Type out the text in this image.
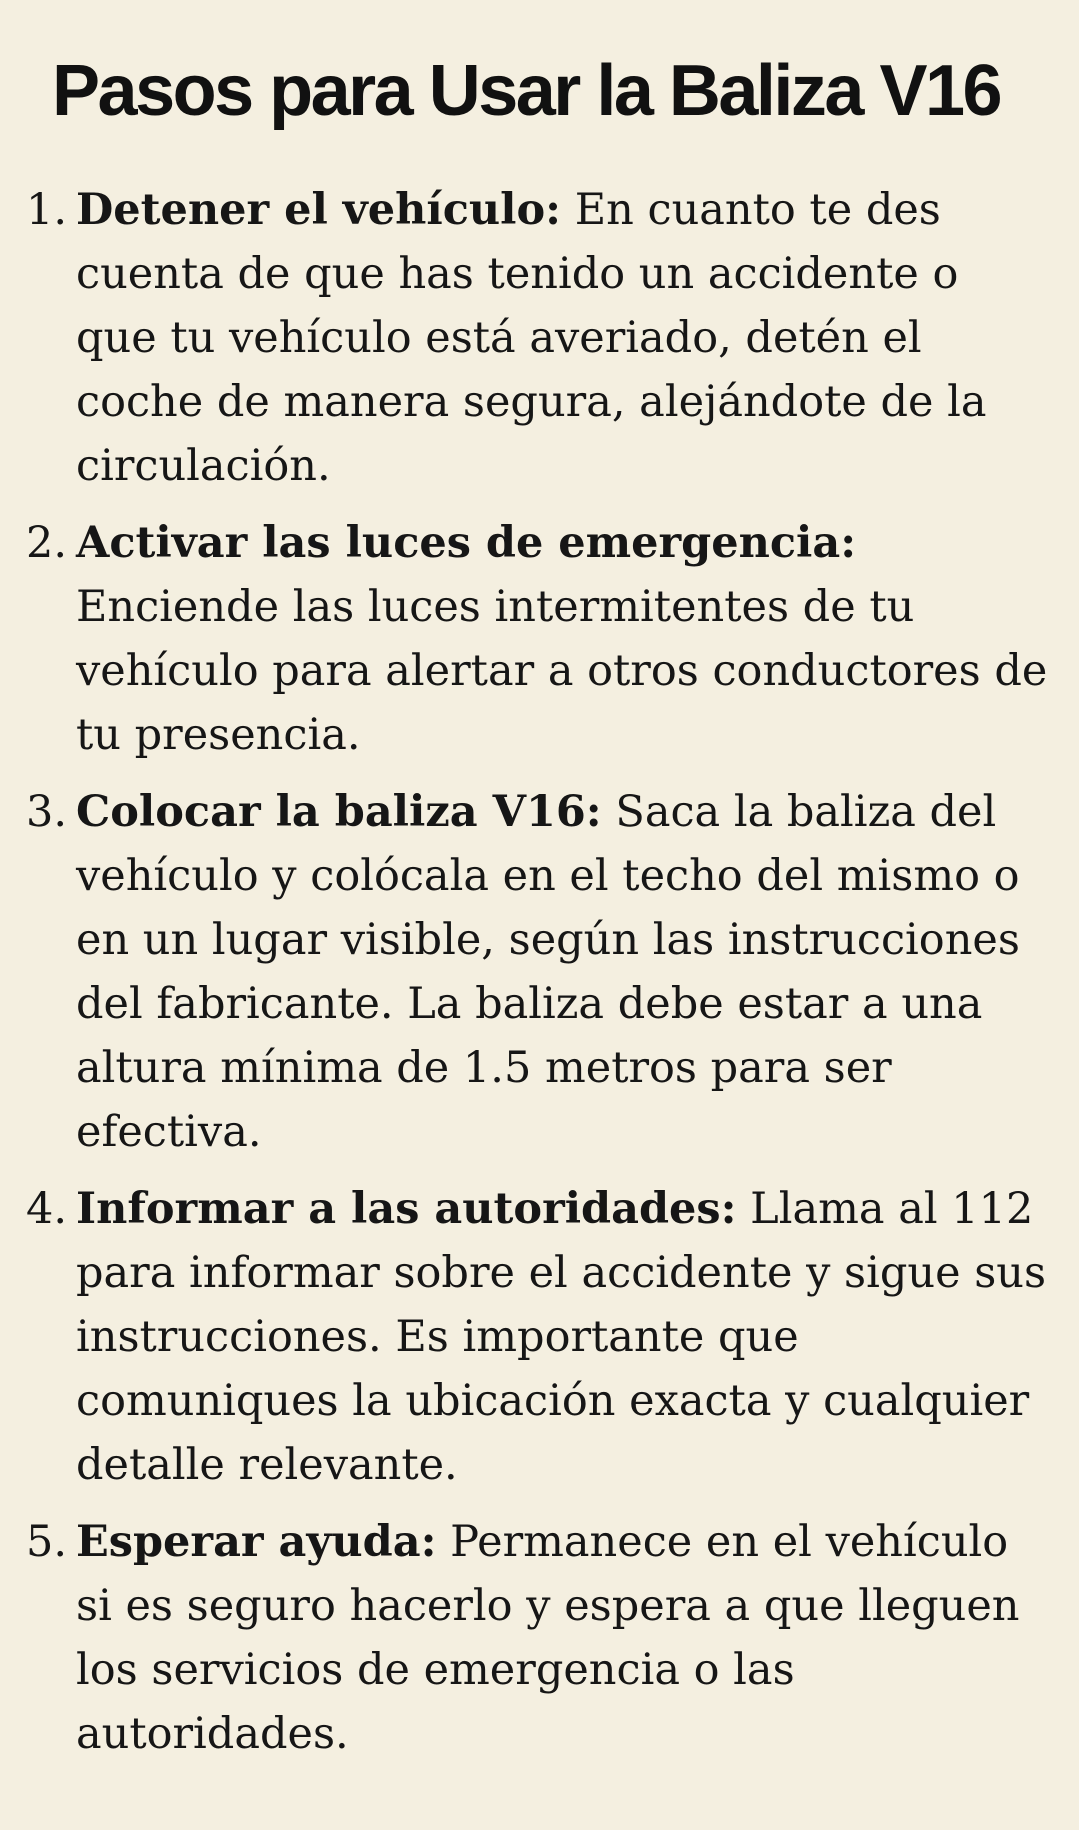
Pasos para Usar la Baliza V16
1. Detener el vehículo: En cuanto te des cuenta de que has tenido un accidente o que tu vehículo está averiado, detén el coche de manera segura, alejándote de la circulación.
2. Activar las luces de emergencia: Enciende las luces intermitentes de tu vehículo para alertar a otros conductores de tu presencia.
3. Colocar la baliza V16: Saca la baliza del vehículo y colócala en el techo del mismo o en un lugar visible, según las instrucciones del fabricante. La baliza debe estar a una altura mínima de 1.5 metros para ser efectiva.
4. Informar a las autoridades: Llama al 112 para informar sobre el accidente y sigue sus instrucciones. Es importante que comuniques la ubicación exacta y cualquier detalle relevante.
5. Esperar ayuda: Permanece en el vehículo si es seguro hacerlo y espera a que lleguen los servicios de emergencia o las autoridades.
